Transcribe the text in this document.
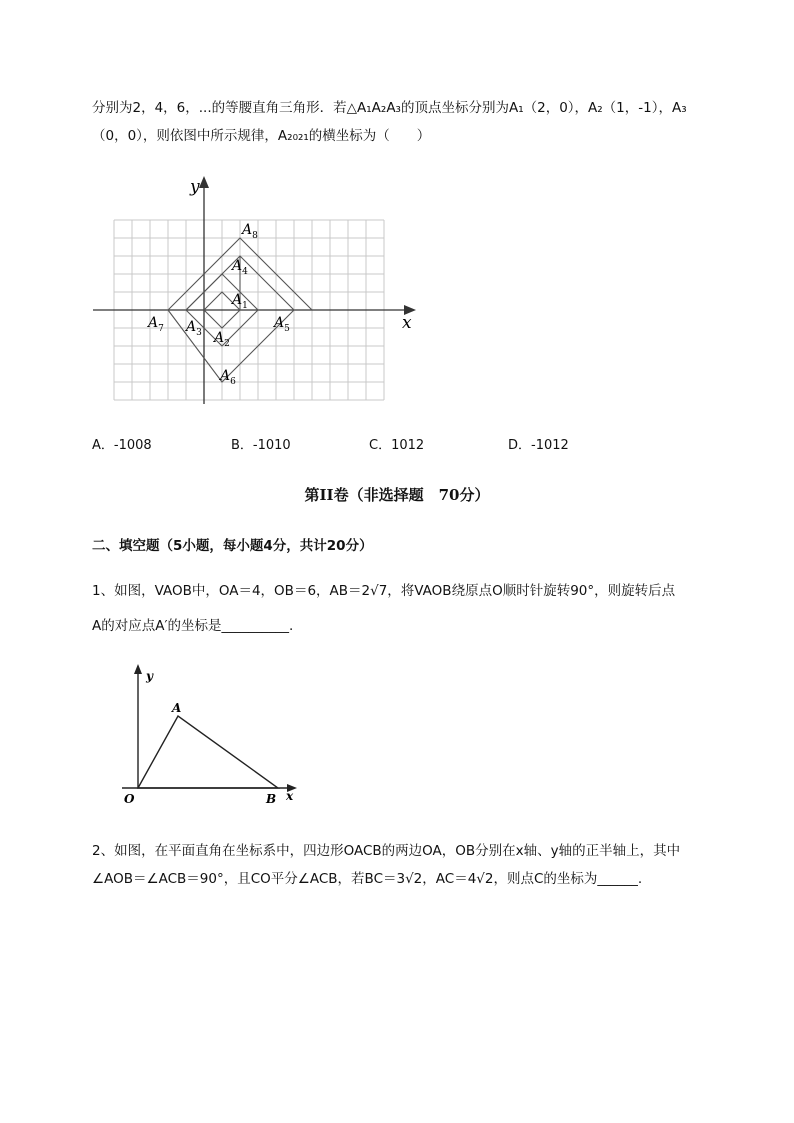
分别为2，4，6，...的等腰直角三角形．若△A₁A₂A₃的顶点坐标分别为A₁（2，0），A₂（1，-1），A₃
（0，0），则依图中所示规律，A₂₀₂₁的横坐标为（　　）
y
x
$A_8$
$A_4$
$A_1$
$A_7$ $A_3$
$A_5$
$A_2$
$A_6$
A．-1008	B．-1010	C．1012	D．-1012
第II卷（非选择题　70分）
二、填空题（5小题，每小题4分，共计20分）
1、如图，VAOB中，OA＝4，OB＝6，AB＝2√7，将VAOB绕原点O顺时针旋转90°，则旋转后点
A的对应点A′的坐标是__________.
y
x
A
O	B
2、如图，在平面直角在坐标系中，四边形OACB的两边OA，OB分别在x轴、y轴的正半轴上，其中
∠AOB＝∠ACB＝90°，且CO平分∠ACB，若BC＝3√2，AC＝4√2，则点C的坐标为______.
